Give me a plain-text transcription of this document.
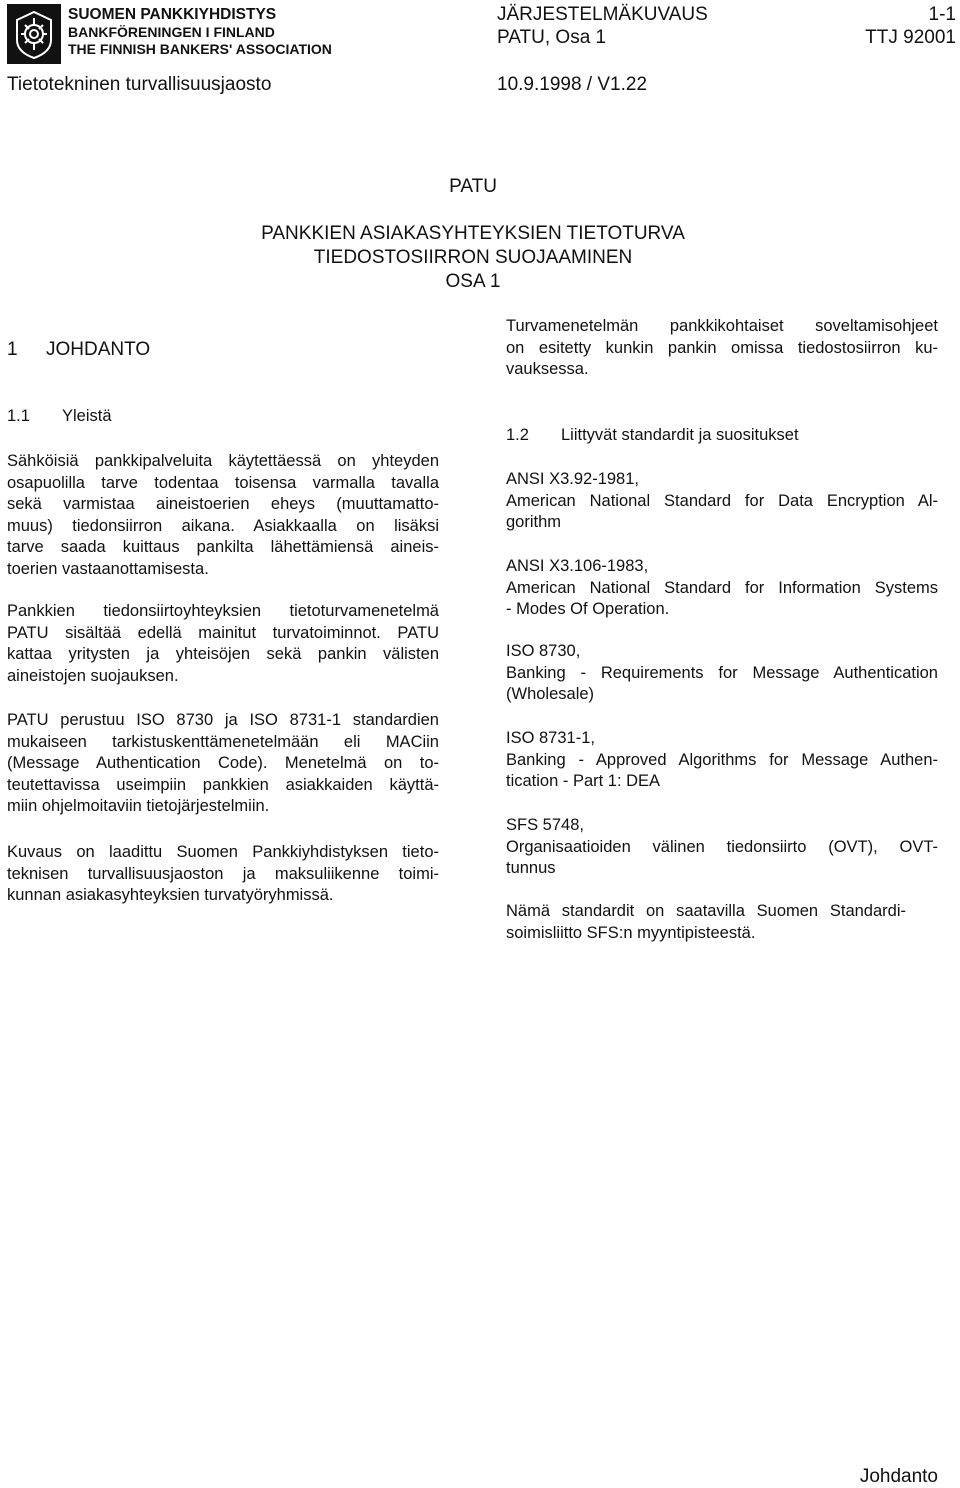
SUOMEN PANKKIYHDISTYS
BANKFÖRENINGEN I FINLAND
THE FINNISH BANKERS' ASSOCIATION
Tietotekninen turvallisuusjaosto
JÄRJESTELMÄKUVAUS
PATU, Osa 1
10.9.1998 / V1.22
1-1
TTJ 92001
PATU
PANKKIEN ASIAKASYHTEYKSIEN TIETOTURVA
TIEDOSTOSIIRRON SUOJAAMINEN
OSA 1
1 JOHDANTO
1.1 Yleistä
Sähköisiä pankkipalveluita käytettäessä on yhteyden
osapuolilla tarve todentaa toisensa varmalla tavalla
sekä varmistaa aineistoerien eheys (muuttamatto-
muus) tiedonsiirron aikana. Asiakkaalla on lisäksi
tarve saada kuittaus pankilta lähettämiensä aineis-
toerien vastaanottamisesta.
Pankkien tiedonsiirtoyhteyksien tietoturvamenetelmä
PATU sisältää edellä mainitut turvatoiminnot. PATU
kattaa yritysten ja yhteisöjen sekä pankin välisten
aineistojen suojauksen.
PATU perustuu ISO 8730 ja ISO 8731-1 standardien
mukaiseen tarkistuskenttämenetelmään eli MACiin
(Message Authentication Code). Menetelmä on to-
teutettavissa useimpiin pankkien asiakkaiden käyttä-
miin ohjelmoitaviin tietojärjestelmiin.
Kuvaus on laadittu Suomen Pankkiyhdistyksen tieto-
teknisen turvallisuusjaoston ja maksuliikenne toimi-
kunnan asiakasyhteyksien turvatyöryhmissä.
Turvamenetelmän pankkikohtaiset soveltamisohjeet
on esitetty kunkin pankin omissa tiedostosiirron ku-
vauksessa.
1.2 Liittyvät standardit ja suositukset
ANSI X3.92-1981,
American National Standard for Data Encryption Al-
gorithm
ANSI X3.106-1983,
American National Standard for Information Systems
- Modes Of Operation.
ISO 8730,
Banking - Requirements for Message Authentication
(Wholesale)
ISO 8731-1,
Banking - Approved Algorithms for Message Authen-
tication - Part 1: DEA
SFS 5748,
Organisaatioiden välinen tiedonsiirto (OVT), OVT-
tunnus
Nämä standardit on saatavilla Suomen Standardi-
soimisliitto SFS:n myyntipisteestä.
Johdanto
